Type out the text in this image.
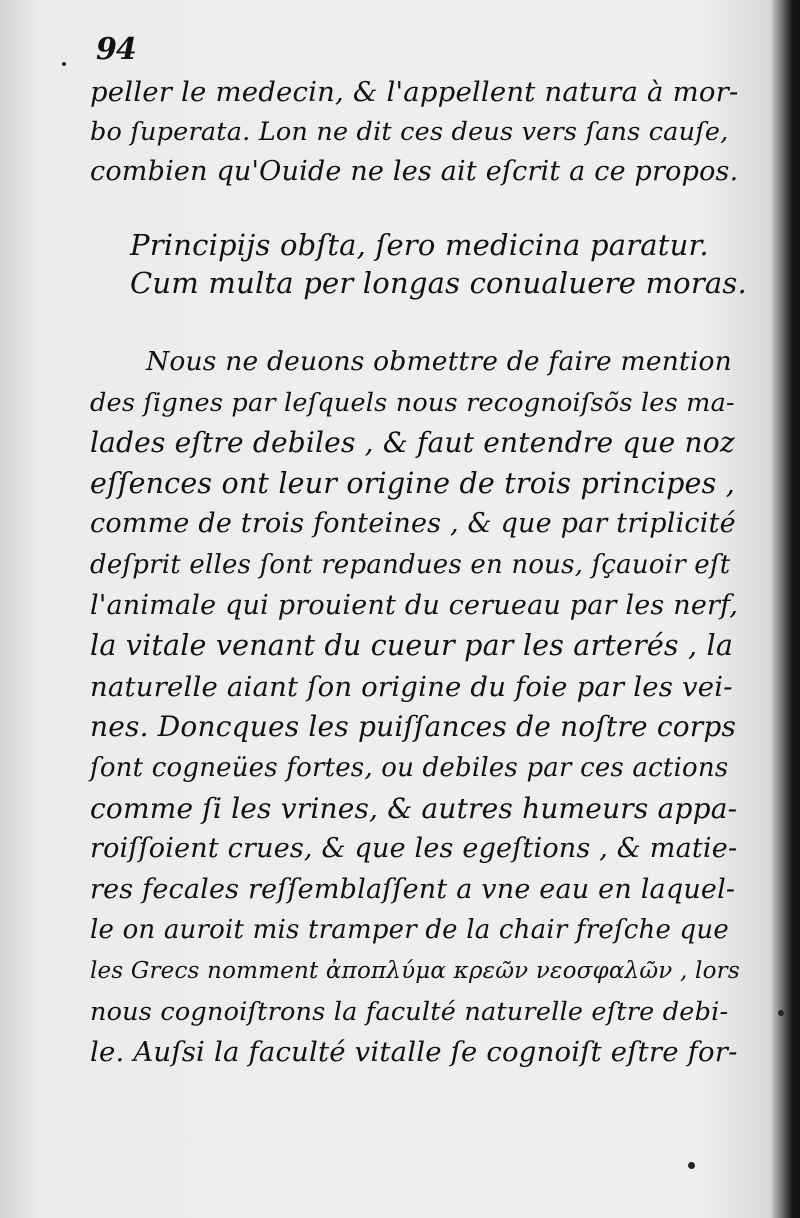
94
peller le medecin, & l'appellent natura à mor-
bo ſuperata. Lon ne dit ces deus vers ſans cauſe,
combien qu'Ouide ne les ait eſcrit a ce propos.
Principijs obſta, ſero medicina paratur.
Cum multa per longas conualuere moras.
Nous ne deuons obmettre de faire mention
des ſignes par leſquels nous recognoiſsõs les ma-
lades eſtre debiles , & faut entendre que noz
eſſences ont leur origine de trois principes ,
comme de trois fonteines , & que par triplicité
deſprit elles ſont repandues en nous, ſçauoir eſt
l'animale qui prouient du cerueau par les nerf,
la vitale venant du cueur par les arterés , la
naturelle aiant ſon origine du foie par les vei-
nes. Doncques les puiſſances de noſtre corps
ſont cogneües fortes, ou debiles par ces actions
comme ſi les vrines, & autres humeurs appa-
roiſſoient crues, & que les egeſtions , & matie-
res fecales reſſemblaſſent a vne eau en laquel-
le on auroit mis tramper de la chair freſche que
les Grecs nomment ἀποπλύμα κρεῶν νεοσφαλῶν , lors
nous cognoiſtrons la faculté naturelle eſtre debi-
le. Auſsi la faculté vitalle ſe cognoiſt eſtre for-
